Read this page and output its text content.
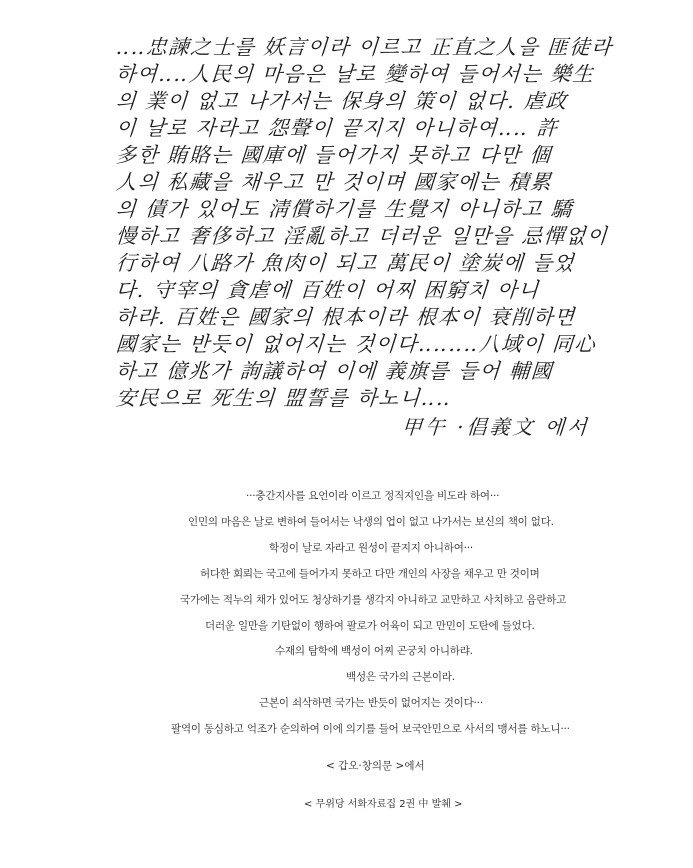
‥‥忠諫之士를 妖言이라 이르고 正直之人을 匪徒라
하여‥‥人民의 마음은 날로 變하여 들어서는 樂生
의 業이 없고 나가서는 保身의 策이 없다. 虐政
이 날로 자라고 怨聲이 끝지지 아니하여‥‥ 許
多한 賄賂는 國庫에 들어가지 못하고 다만 個
人의 私藏을 채우고 만 것이며 國家에는 積累
의 債가 있어도 淸償하기를 生覺지 아니하고 驕
慢하고 奢侈하고 淫亂하고 더러운 일만을 忌憚없이
行하여 八路가 魚肉이 되고 萬民이 塗炭에 들었
다. 守宰의 貪虐에 百姓이 어찌 困窮치 아니
하랴. 百姓은 國家의 根本이라 根本이 衰削하면
國家는 반듯이 없어지는 것이다‥‥‥‥八域이 同心
하고 億兆가 詢議하여 이에 義旗를 들어 輔國
安民으로 死生의 盟誓를 하노니‥‥
甲午 ·倡義文 에서
···충간지사를 요언이라 이르고 정직지인을 비도라 하여···
인민의 마음은 날로 변하여 들어서는 낙생의 업이 없고 나가서는 보신의 책이 없다.
학정이 날로 자라고 원성이 끝지지 아니하여···
허다한 회뢰는 국고에 들어가지 못하고 다만 개인의 사장을 채우고 만 것이며
국가에는 적누의 채가 있어도 청상하기를 생각지 아니하고 교만하고 사치하고 음란하고
더러운 일만을 기탄없이 행하여 팔로가 어육이 되고 만민이 도탄에 들었다.
수재의 탐학에 백성이 어찌 곤궁치 아니하랴.
백성은 국가의 근본이라.
근본이 쇠삭하면 국가는 반듯이 없어지는 것이다···
팔역이 동심하고 억조가 순의하여 이에 의기를 들어 보국안민으로 사서의 맹서를 하노니···
< 갑오·창의문 >에서
< 무위당 서화자료집 2권 中 발췌 >
